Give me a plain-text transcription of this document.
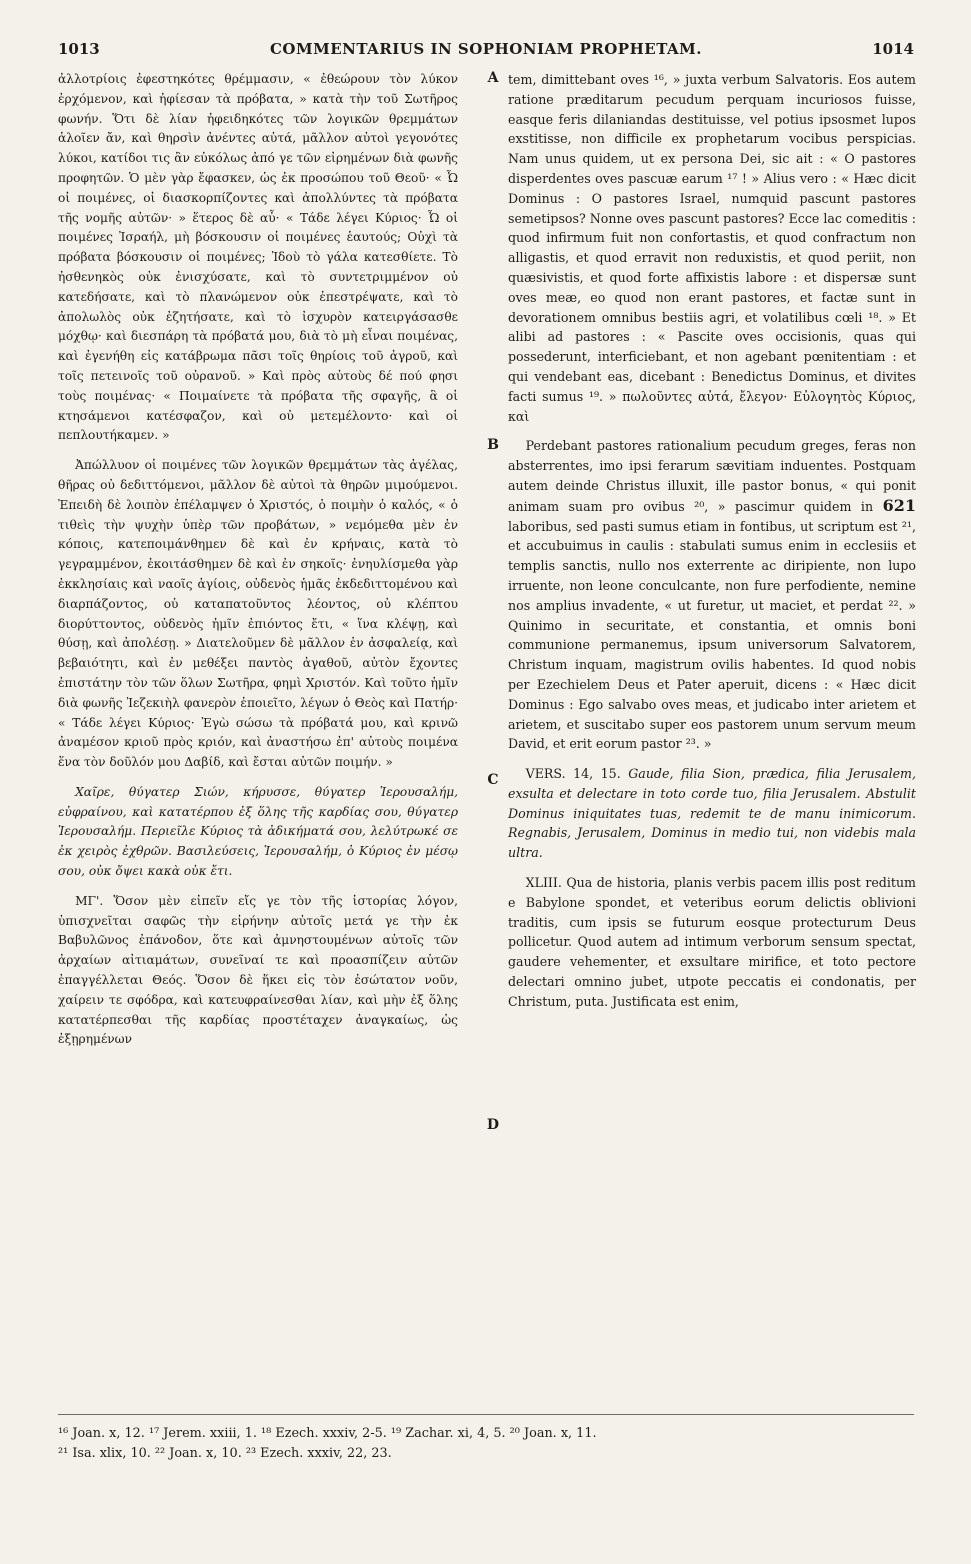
1013	COMMENTARIUS IN SOPHONIAM PROPHETAM.	1014
A
B
C
D

ἀλλοτρίοις ἐφεστηκότες θρέμμασιν, « ἐθεώρουν τὸν λύκον ἐρχόμενον, καὶ ἠφίεσαν τὰ πρόβατα, » κατὰ τὴν τοῦ Σωτῆρος φωνήν. Ὅτι δὲ λίαν ἠφειδηκότες τῶν λογικῶν θρεμμάτων ἁλοῖεν ἄν, καὶ θηρσὶν ἀνέντες αὐτά, μᾶλλον αὐτοὶ γεγονότες λύκοι, κατίδοι τις ἂν εὐκόλως ἀπό γε τῶν εἰρημένων διὰ φωνῆς προφητῶν. Ὁ μὲν γὰρ ἔφασκεν, ὡς ἐκ προσώπου τοῦ Θεοῦ· « Ὦ οἱ ποιμένες, οἱ διασκορπίζοντες καὶ ἀπολλύντες τὰ πρόβατα τῆς νομῆς αὐτῶν· » ἕτερος δὲ αὖ· « Τάδε λέγει Κύριος· Ὦ οἱ ποιμένες Ἰσραήλ, μὴ βόσκουσιν οἱ ποιμένες ἑαυτούς; Οὐχὶ τὰ πρόβατα βόσκουσιν οἱ ποιμένες; Ἰδοὺ τὸ γάλα κατεσθίετε. Τὸ ἠσθενηκὸς οὐκ ἐνισχύσατε, καὶ τὸ συντετριμμένον οὐ κατεδήσατε, καὶ τὸ πλανώμενον οὐκ ἐπεστρέψατε, καὶ τὸ ἀπολωλὸς οὐκ ἐζητήσατε, καὶ τὸ ἰσχυρὸν κατειργάσασθε μόχθῳ· καὶ διεσπάρη τὰ πρόβατά μου, διὰ τὸ μὴ εἶναι ποιμένας, καὶ ἐγενήθη εἰς κατάβρωμα πᾶσι τοῖς θηρίοις τοῦ ἀγροῦ, καὶ τοῖς πετεινοῖς τοῦ οὐρανοῦ. » Καὶ πρὸς αὐτοὺς δέ πού φησι τοὺς ποιμένας· « Ποιμαίνετε τὰ πρόβατα τῆς σφαγῆς, ἃ οἱ κτησάμενοι κατέσφαζον, καὶ οὐ μετεμέλοντο· καὶ οἱ πεπλουτήκαμεν. »

Ἀπώλλυον οἱ ποιμένες τῶν λογικῶν θρεμμάτων τὰς ἀγέλας, θῆρας οὐ δεδιττόμενοι, μᾶλλον δὲ αὐτοὶ τὰ θηρῶν μιμούμενοι. Ἐπειδὴ δὲ λοιπὸν ἐπέλαμψεν ὁ Χριστός, ὁ ποιμὴν ὁ καλός, « ὁ τιθεὶς τὴν ψυχὴν ὑπὲρ τῶν προβάτων, » νεμόμεθα μὲν ἐν κόποις, κατεποιμάνθημεν δὲ καὶ ἐν κρήναις, κατὰ τὸ γεγραμμένον, ἐκοιτάσθημεν δὲ καὶ ἐν σηκοῖς· ἐνηυλίσμεθα γὰρ ἐκκλησίαις καὶ ναοῖς ἁγίοις, οὐδενὸς ἡμᾶς ἐκδεδιττομένου καὶ διαρπάζοντος, οὐ καταπατοῦντος λέοντος, οὐ κλέπτου διορύττοντος, οὐδενὸς ἡμῖν ἐπιόντος ἔτι, « ἵνα κλέψῃ, καὶ θύσῃ, καὶ ἀπολέσῃ. » Διατελοῦμεν δὲ μᾶλλον ἐν ἀσφαλείᾳ, καὶ βεβαιότητι, καὶ ἐν μεθέξει παντὸς ἀγαθοῦ, αὐτὸν ἔχοντες ἐπιστάτην τὸν τῶν ὅλων Σωτῆρα, φημὶ Χριστόν. Καὶ τοῦτο ἡμῖν διὰ φωνῆς Ἰεζεκιὴλ φανερὸν ἐποιεῖτο, λέγων ὁ Θεὸς καὶ Πατήρ· « Τάδε λέγει Κύριος· Ἐγὼ σώσω τὰ πρόβατά μου, καὶ κρινῶ ἀναμέσον κριοῦ πρὸς κριόν, καὶ ἀναστήσω ἐπ' αὐτοὺς ποιμένα ἕνα τὸν δοῦλόν μου Δαβίδ, καὶ ἔσται αὐτῶν ποιμήν. »

Χαῖρε, θύγατερ Σιών, κήρυσσε, θύγατερ Ἱερουσαλήμ, εὐφραίνου, καὶ κατατέρπου ἐξ ὅλης τῆς καρδίας σου, θύγατερ Ἱερουσαλήμ. Περιεῖλε Κύριος τὰ ἀδικήματά σου, λελύτρωκέ σε ἐκ χειρὸς ἐχθρῶν. Βασιλεύσεις, Ἱερουσαλήμ, ὁ Κύριος ἐν μέσῳ σου, οὐκ ὄψει κακὰ οὐκ ἔτι.

ΜΓ'. Ὅσον μὲν εἰπεῖν εἴς γε τὸν τῆς ἱστορίας λόγον, ὑπισχνεῖται σαφῶς τὴν εἰρήνην αὐτοῖς μετά γε τὴν ἐκ Βαβυλῶνος ἐπάνοδον, ὅτε καὶ ἀμνηστουμένων αὐτοῖς τῶν ἀρχαίων αἰτιαμάτων, συνεῖναί τε καὶ προασπίζειν αὐτῶν ἐπαγγέλλεται Θεός. Ὅσον δὲ ἥκει εἰς τὸν ἐσώτατον νοῦν, χαίρειν τε σφόδρα, καὶ κατευφραίνεσθαι λίαν, καὶ μὴν ἐξ ὅλης κατατέρπεσθαι τῆς καρδίας προστέταχεν ἀναγκαίως, ὡς ἐξῃρημένων

tem, dimittebant oves ¹⁶, » juxta verbum Salvatoris. Eos autem ratione præditarum pecudum perquam incuriosos fuisse, easque feris dilaniandas destituisse, vel potius ipsosmet lupos exstitisse, non difficile ex prophetarum vocibus perspicias. Nam unus quidem, ut ex persona Dei, sic ait : « O pastores disperdentes oves pascuæ earum ¹⁷ ! » Alius vero : « Hæc dicit Dominus : O pastores Israel, numquid pascunt pastores semetipsos? Nonne oves pascunt pastores? Ecce lac comeditis : quod infirmum fuit non confortastis, et quod confractum non alligastis, et quod erravit non reduxistis, et quod periit, non quæsivistis, et quod forte affixistis labore : et dispersæ sunt oves meæ, eo quod non erant pastores, et factæ sunt in devorationem omnibus bestiis agri, et volatilibus cœli ¹⁸. » Et alibi ad pastores : « Pascite oves occisionis, quas qui possederunt, interficiebant, et non agebant pœnitentiam : et qui vendebant eas, dicebant : Benedictus Dominus, et divites facti sumus ¹⁹. » πωλοῦντες αὐτά, ἔλεγον· Εὐλογητὸς Κύριος, καὶ

Perdebant pastores rationalium pecudum greges, feras non absterrentes, imo ipsi ferarum sævitiam induentes. Postquam autem deinde Christus illuxit, ille pastor bonus, « qui ponit animam suam pro ovibus ²⁰, » pascimur quidem in 621 laboribus, sed pasti sumus etiam in fontibus, ut scriptum est ²¹, et accubuimus in caulis : stabulati sumus enim in ecclesiis et templis sanctis, nullo nos exterrente ac diripiente, non lupo irruente, non leone conculcante, non fure perfodiente, nemine nos amplius invadente, « ut furetur, ut maciet, et perdat ²². » Quinimo in securitate, et constantia, et omnis boni communione permanemus, ipsum universorum Salvatorem, Christum inquam, magistrum ovilis habentes. Id quod nobis per Ezechielem Deus et Pater aperuit, dicens : « Hæc dicit Dominus : Ego salvabo oves meas, et judicabo inter arietem et arietem, et suscitabo super eos pastorem unum servum meum David, et erit eorum pastor ²³. »

VERS. 14, 15. Gaude, filia Sion, prædica, filia Jerusalem, exsulta et delectare in toto corde tuo, filia Jerusalem. Abstulit Dominus iniquitates tuas, redemit te de manu inimicorum. Regnabis, Jerusalem, Dominus in medio tui, non videbis mala ultra.

XLIII. Qua de historia, planis verbis pacem illis post reditum e Babylone spondet, et veteribus eorum delictis oblivioni traditis, cum ipsis se futurum eosque protecturum Deus pollicetur. Quod autem ad intimum verborum sensum spectat, gaudere vehementer, et exsultare mirifice, et toto pectore delectari omnino jubet, utpote peccatis ei condonatis, per Christum, puta. Justificata est enim,

¹⁶ Joan. x, 12. ¹⁷ Jerem. xxiii, 1. ¹⁸ Ezech. xxxiv, 2-5. ¹⁹ Zachar. xi, 4, 5. ²⁰ Joan. x, 11.

²¹ Isa. xlix, 10. ²² Joan. x, 10. ²³ Ezech. xxxiv, 22, 23.
